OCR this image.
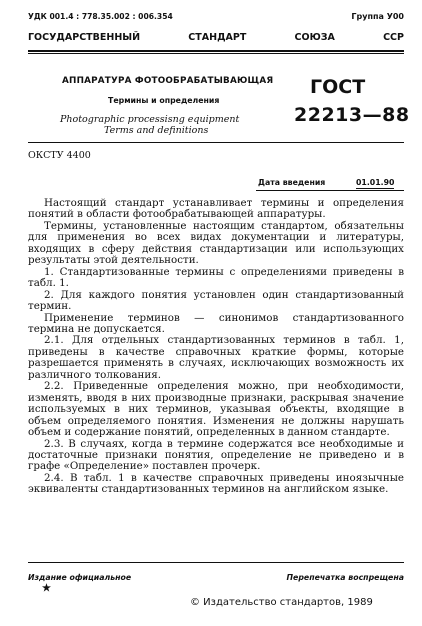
УДК 001.4 : 778.35.002 : 006.354	Группа У00
ГОСУДАРСТВЕННЫЙ СТАНДАРТ СОЮЗА ССР
АППАРАТУРА ФОТООБРАБАТЫВАЮЩАЯ
Термины и определения
Photographic processisng equipment
Terms and definitions
ГОСТ
22213—88
ОКСТУ 4400
Дата введения	01.01.90

Настоящий стандарт устанавливает термины и определения понятий в области фотообрабатывающей аппаратуры.

Термины, установленные настоящим стандартом, обязательны для применения во всех видах документации и литературы, входящих в сферу действия стандартизации или использующих результаты этой деятельности.

1. Стандартизованные термины с определениями приведены в табл. 1.

2. Для каждого понятия установлен один стандартизованный термин.

Применение терминов — синонимов стандартизованного термина не допускается.

2.1. Для отдельных стандартизованных терминов в табл. 1, приведены в качестве справочных краткие формы, которые разрешается применять в случаях, исключающих возможность их различного толкования.

2.2. Приведенные определения можно, при необходимости, изменять, вводя в них производные признаки, раскрывая значение используемых в них терминов, указывая объекты, входящие в объем определяемого понятия. Изменения не должны нарушать объем и содержание понятий, определенных в данном стандарте.

2.3. В случаях, когда в термине содержатся все необходимые и достаточные признаки понятия, определение не приведено и в графе «Определение» поставлен прочерк.

2.4. В табл. 1 в качестве справочных приведены иноязычные эквиваленты стандартизованных терминов на английском языке.

Издание официальное	Перепечатка воспрещена
★
© Издательство стандартов, 1989
